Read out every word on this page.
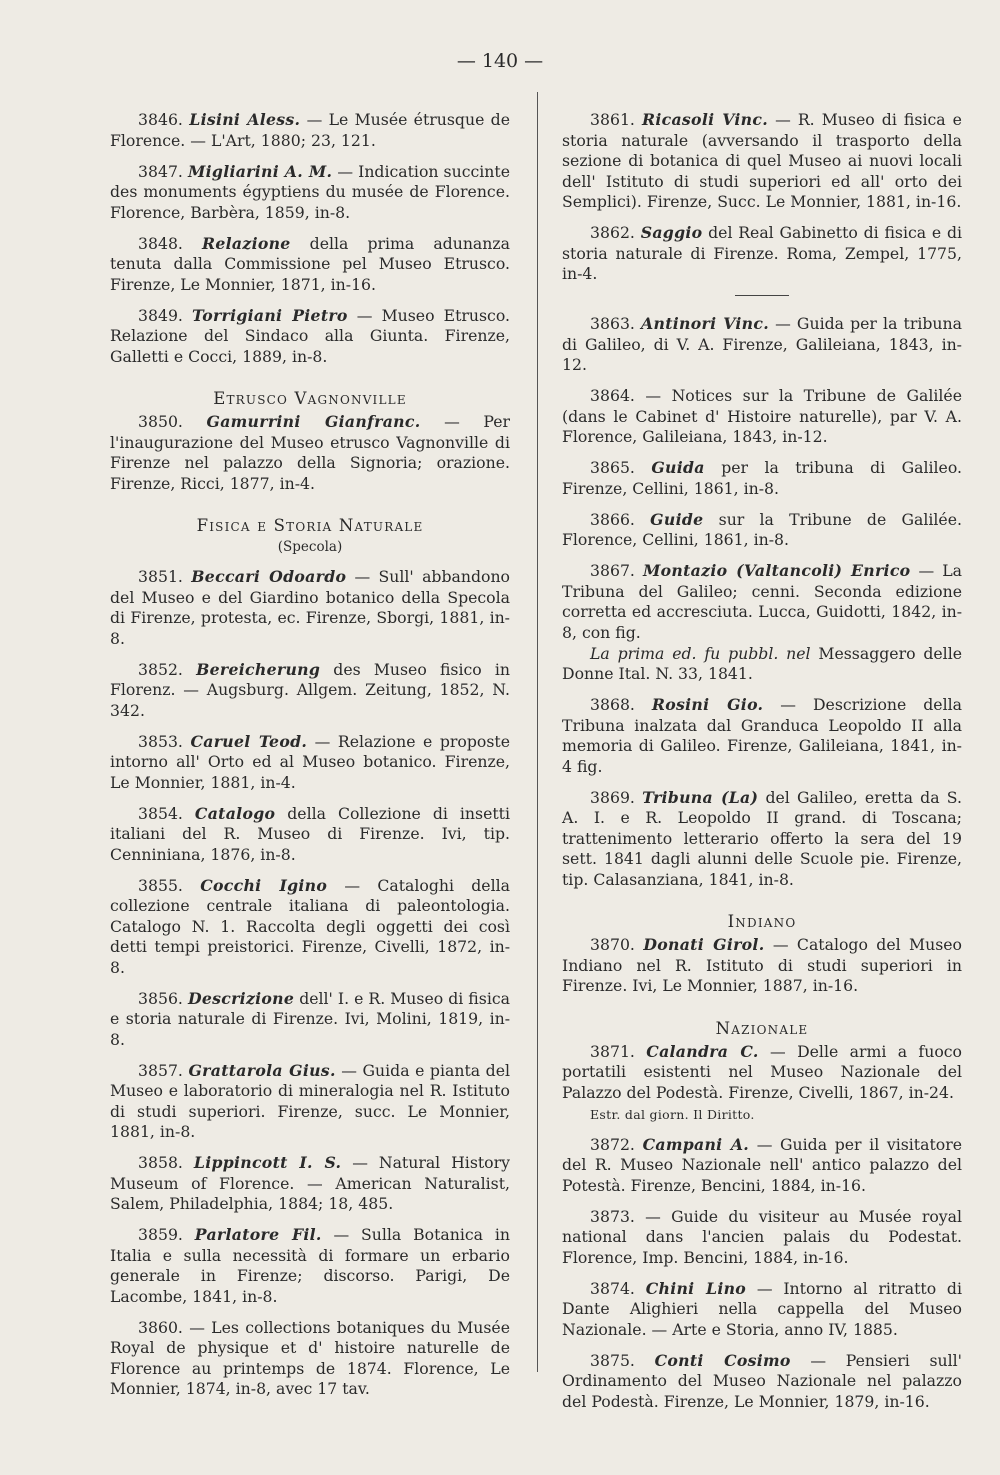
— 140 —

3846. Lisini Aless. — Le Musée étrusque de Florence. — L'Art, 1880; 23, 121.

3847. Migliarini A. M. — Indication succinte des monuments égyptiens du musée de Florence. Florence, Barbèra, 1859, in-8.

3848. Relazione della prima adunanza tenuta dalla Commissione pel Museo Etrusco. Firenze, Le Monnier, 1871, in-16.

3849. Torrigiani Pietro — Museo Etrusco. Relazione del Sindaco alla Giunta. Firenze, Galletti e Cocci, 1889, in-8.

Etrusco Vagnonville

3850. Gamurrini Gianfranc. — Per l'inaugurazione del Museo etrusco Vagnonville di Firenze nel palazzo della Signoria; orazione. Firenze, Ricci, 1877, in-4.

Fisica e Storia Naturale
(Specola)

3851. Beccari Odoardo — Sull' abbandono del Museo e del Giardino botanico della Specola di Firenze, protesta, ec. Firenze, Sborgi, 1881, in-8.

3852. Bereicherung des Museo fisico in Florenz. — Augsburg. Allgem. Zeitung, 1852, N. 342.

3853. Caruel Teod. — Relazione e proposte intorno all' Orto ed al Museo botanico. Firenze, Le Monnier, 1881, in-4.

3854. Catalogo della Collezione di insetti italiani del R. Museo di Firenze. Ivi, tip. Cenniniana, 1876, in-8.

3855. Cocchi Igino — Cataloghi della collezione centrale italiana di paleontologia. Catalogo N. 1. Raccolta degli oggetti dei così detti tempi preistorici. Firenze, Civelli, 1872, in-8.

3856. Descrizione dell' I. e R. Museo di fisica e storia naturale di Firenze. Ivi, Molini, 1819, in-8.

3857. Grattarola Gius. — Guida e pianta del Museo e laboratorio di mineralogia nel R. Istituto di studi superiori. Firenze, succ. Le Monnier, 1881, in-8.

3858. Lippincott I. S. — Natural History Museum of Florence. — American Naturalist, Salem, Philadelphia, 1884; 18, 485.

3859. Parlatore Fil. — Sulla Botanica in Italia e sulla necessità di formare un erbario generale in Firenze; discorso. Parigi, De Lacombe, 1841, in-8.

3860. — Les collections botaniques du Musée Royal de physique et d' histoire naturelle de Florence au printemps de 1874. Florence, Le Monnier, 1874, in-8, avec 17 tav.

3861. Ricasoli Vinc. — R. Museo di fisica e storia naturale (avversando il trasporto della sezione di botanica di quel Museo ai nuovi locali dell' Istituto di studi superiori ed all' orto dei Semplici). Firenze, Succ. Le Monnier, 1881, in-16.

3862. Saggio del Real Gabinetto di fisica e di storia naturale di Firenze. Roma, Zempel, 1775, in-4.

3863. Antinori Vinc. — Guida per la tribuna di Galileo, di V. A. Firenze, Galileiana, 1843, in-12.

3864. — Notices sur la Tribune de Galilée (dans le Cabinet d' Histoire naturelle), par V. A. Florence, Galileiana, 1843, in-12.

3865. Guida per la tribuna di Galileo. Firenze, Cellini, 1861, in-8.

3866. Guide sur la Tribune de Galilée. Florence, Cellini, 1861, in-8.

3867. Montazio (Valtancoli) Enrico — La Tribuna del Galileo; cenni. Seconda edizione corretta ed accresciuta. Lucca, Guidotti, 1842, in-8, con fig.

La prima ed. fu pubbl. nel Messaggero delle Donne Ital. N. 33, 1841.

3868. Rosini Gio. — Descrizione della Tribuna inalzata dal Granduca Leopoldo II alla memoria di Galileo. Firenze, Galileiana, 1841, in-4 fig.

3869. Tribuna (La) del Galileo, eretta da S. A. I. e R. Leopoldo II grand. di Toscana; trattenimento letterario offerto la sera del 19 sett. 1841 dagli alunni delle Scuole pie. Firenze, tip. Calasanziana, 1841, in-8.

Indiano

3870. Donati Girol. — Catalogo del Museo Indiano nel R. Istituto di studi superiori in Firenze. Ivi, Le Monnier, 1887, in-16.

Nazionale

3871. Calandra C. — Delle armi a fuoco portatili esistenti nel Museo Nazionale del Palazzo del Podestà. Firenze, Civelli, 1867, in-24.

Estr. dal giorn. Il Diritto.

3872. Campani A. — Guida per il visitatore del R. Museo Nazionale nell' antico palazzo del Potestà. Firenze, Bencini, 1884, in-16.

3873. — Guide du visiteur au Musée royal national dans l'ancien palais du Podestat. Florence, Imp. Bencini, 1884, in-16.

3874. Chini Lino — Intorno al ritratto di Dante Alighieri nella cappella del Museo Nazionale. — Arte e Storia, anno IV, 1885.

3875. Conti Cosimo — Pensieri sull' Ordinamento del Museo Nazionale nel palazzo del Podestà. Firenze, Le Monnier, 1879, in-16.
